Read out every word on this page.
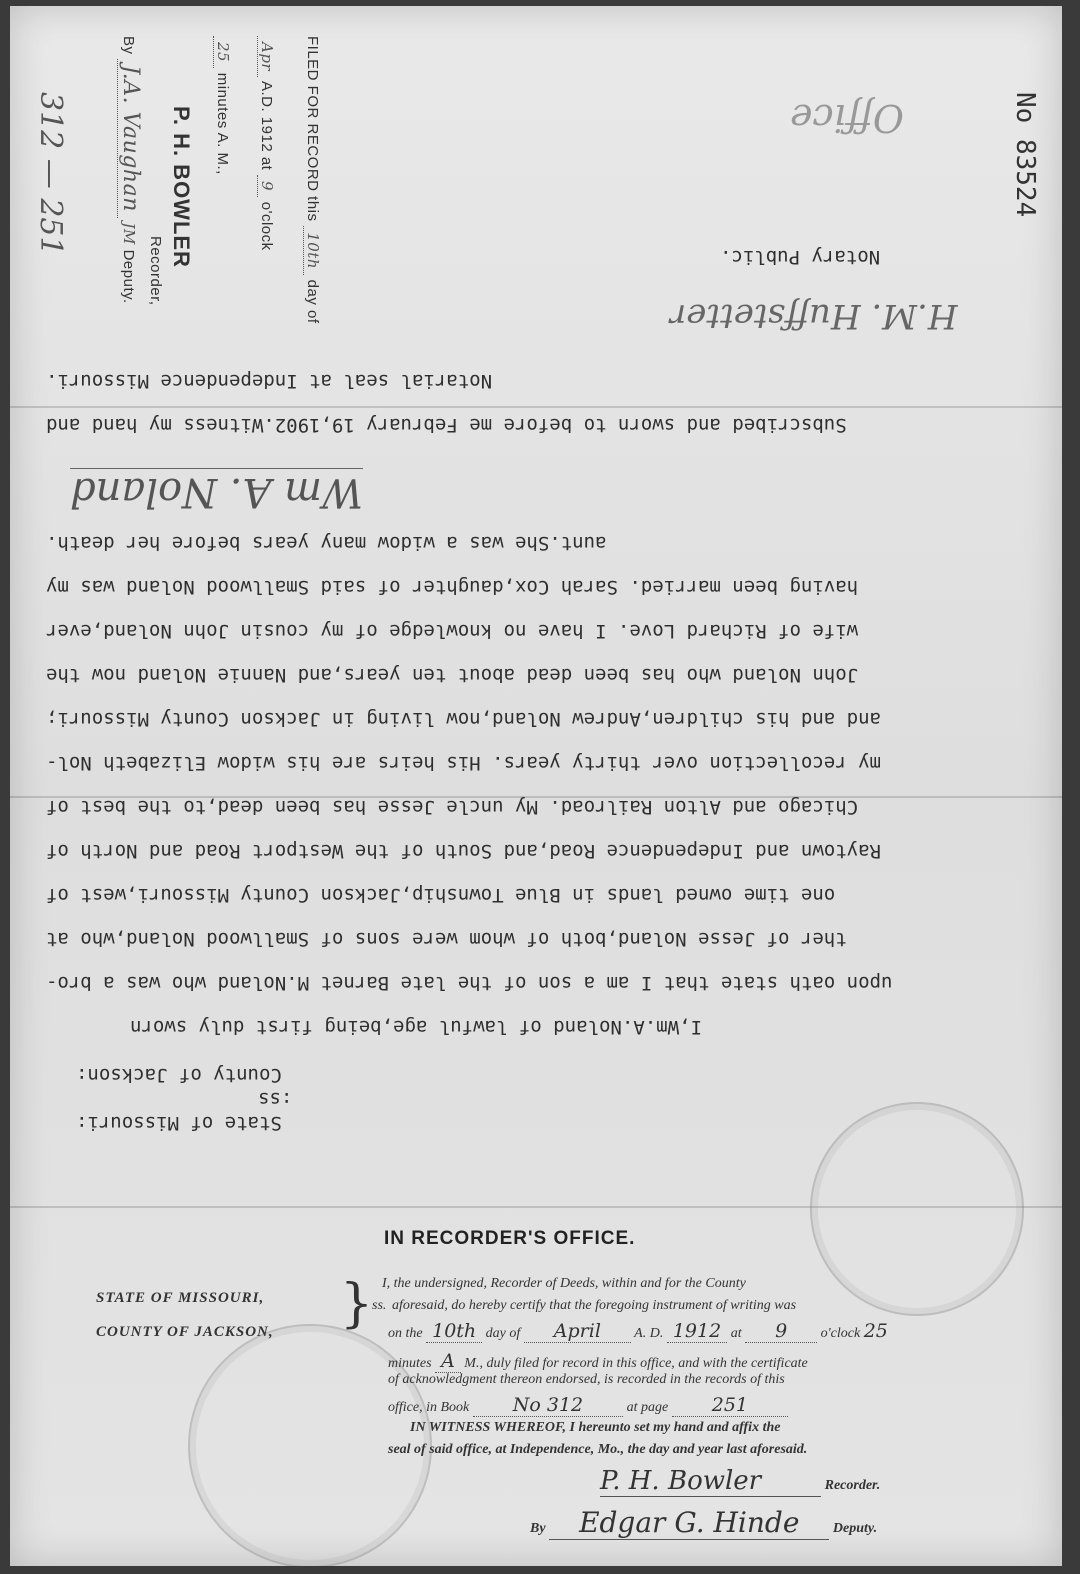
FILED FOR RECORD this 10th day of
Apr A.D. 1912 at 9 o'clock
25 minutes A. M.,
P. H. BOWLER
Recorder,
By J.A. Vaughan JM Deputy.
312 — 251	No 83524
Office
State of Missouri:
:ss
County of Jackson:
I,Wm.A.Noland of lawful age,being first duly sworn
upon oath state that I am a son of the late Barnet M.Noland who was a bro-
ther of Jesse Noland,both of whom were sons of Smallwood Noland,who at
one time owned lands in Blue Township,Jackson County Missouri,west of
Raytown and Independence Road,and South of the Westport Road and North of
Chicago and Alton Railroad. My uncle Jesse has been dead,to the best of
my recollection over thirty years. His heirs are his widow Elizabeth Nol-
and and his children,Andrew Noland,now living in Jackson County Missouri;
John Noland who has been dead about ten years,and Nannie Noland now the
wife of Richard Love. I have no knowledge of my cousin John Noland,ever
having been married. Sarah Cox,daughter of said Smallwood Noland was my
aunt.She was a widow many years before her death.
Wm A. Noland
Subscribed and sworn to before me February 19,1902.Witness my hand and
Notarial seal at Independence Missouri.
H.M. Huffstetter
Notary Public.
IN RECORDER'S OFFICE.
STATE OF MISSOURI,
COUNTY OF JACKSON, } I, the undersigned, Recorder of Deeds, within and for the County
ss. aforesaid, do hereby certify that the foregoing instrument of writing was
on the 10th day of April A. D. 1912 at 9 o'clock 25
minutes A M., duly filed for record in this office, and with the certificate
of acknowledgment thereon endorsed, is recorded in the records of this
office, in Book No 312	at page 251
IN WITNESS WHEREOF, I hereunto set my hand and affix the
seal of said office, at Independence, Mo., the day and year last aforesaid.
P. H. Bowler	Recorder.
By Edgar G. Hinde Deputy.
